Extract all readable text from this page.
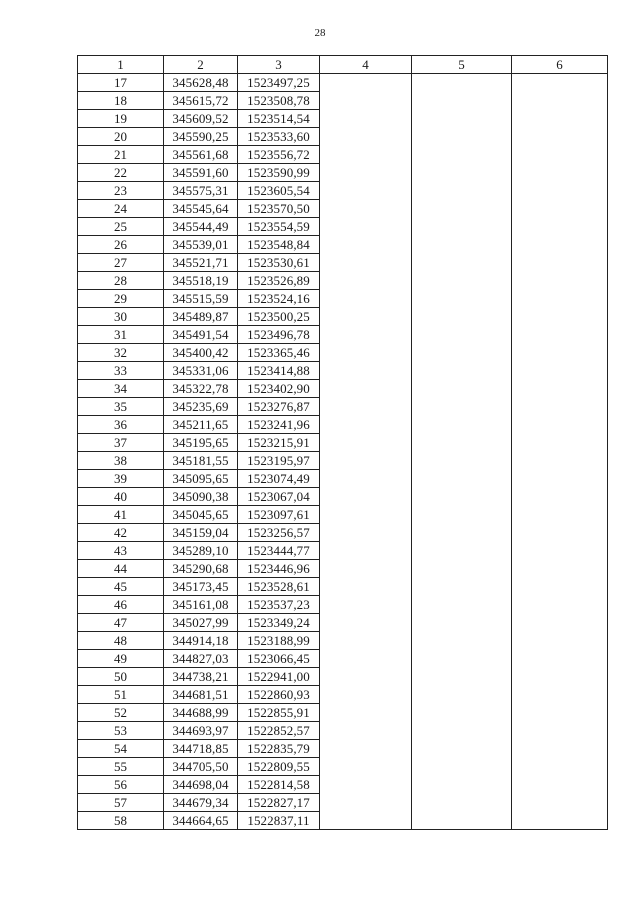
28
1	2	3	4	5	6
17	345628,48	1523497,25			
18	345615,72	1523508,78			
19	345609,52	1523514,54			
20	345590,25	1523533,60			
21	345561,68	1523556,72			
22	345591,60	1523590,99			
23	345575,31	1523605,54			
24	345545,64	1523570,50			
25	345544,49	1523554,59			
26	345539,01	1523548,84			
27	345521,71	1523530,61			
28	345518,19	1523526,89			
29	345515,59	1523524,16			
30	345489,87	1523500,25			
31	345491,54	1523496,78			
32	345400,42	1523365,46			
33	345331,06	1523414,88			
34	345322,78	1523402,90			
35	345235,69	1523276,87			
36	345211,65	1523241,96			
37	345195,65	1523215,91			
38	345181,55	1523195,97			
39	345095,65	1523074,49			
40	345090,38	1523067,04			
41	345045,65	1523097,61			
42	345159,04	1523256,57			
43	345289,10	1523444,77			
44	345290,68	1523446,96			
45	345173,45	1523528,61			
46	345161,08	1523537,23			
47	345027,99	1523349,24			
48	344914,18	1523188,99			
49	344827,03	1523066,45			
50	344738,21	1522941,00			
51	344681,51	1522860,93			
52	344688,99	1522855,91			
53	344693,97	1522852,57			
54	344718,85	1522835,79			
55	344705,50	1522809,55			
56	344698,04	1522814,58			
57	344679,34	1522827,17			
58	344664,65	1522837,11			
